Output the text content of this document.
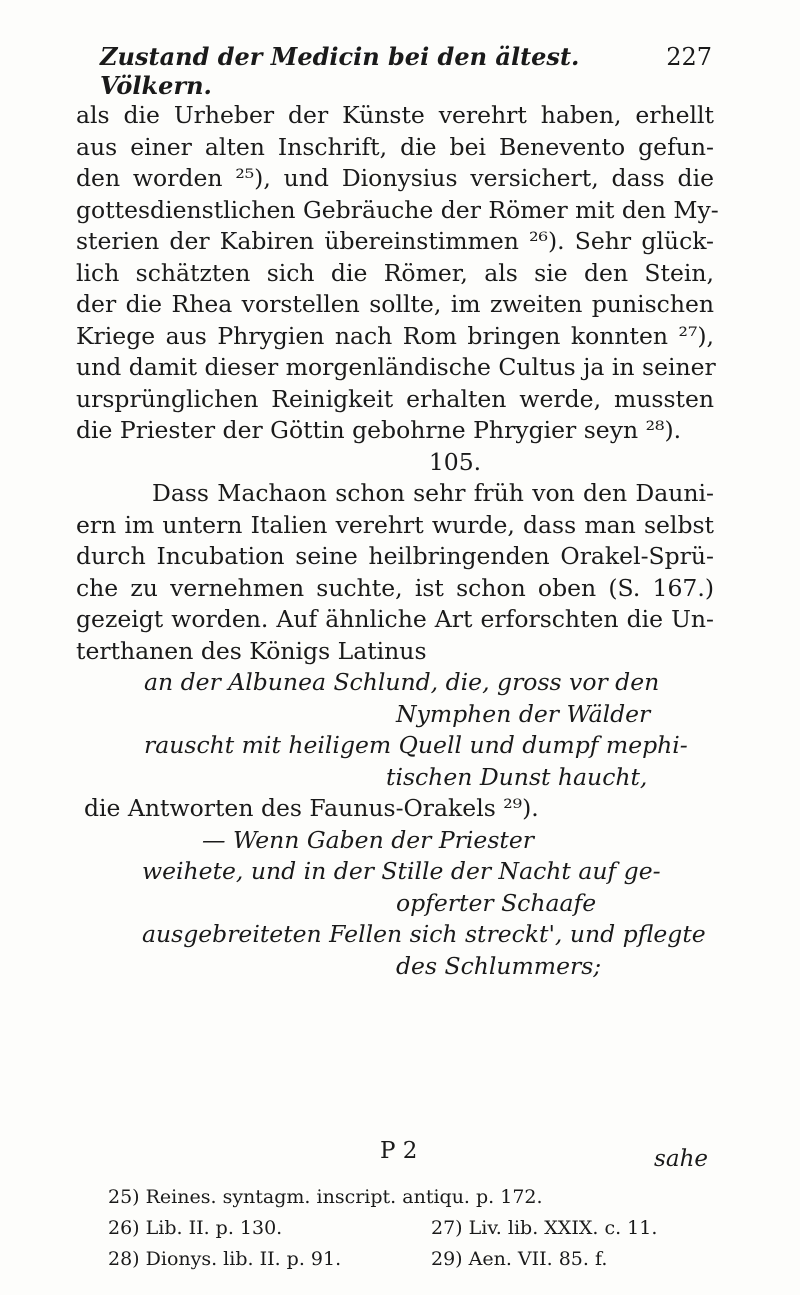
Zustand der Medicin bei den ältest. Völkern.
227
als die Urheber der Künste verehrt haben, erhellt
aus einer alten Inschrift, die bei Benevento gefun-
den worden ²⁵), und Dionysius versichert, dass die
gottesdienstlichen Gebräuche der Römer mit den My-
sterien der Kabiren übereinstimmen ²⁶). Sehr glück-
lich schätzten sich die Römer, als sie den Stein,
der die Rhea vorstellen sollte, im zweiten punischen
Kriege aus Phrygien nach Rom bringen konnten ²⁷),
und damit dieser morgenländische Cultus ja in seiner
ursprünglichen Reinigkeit erhalten werde, mussten
die Priester der Göttin gebohrne Phrygier seyn ²⁸).
105.
Dass Machaon schon sehr früh von den Dauni-
ern im untern Italien verehrt wurde, dass man selbst
durch Incubation seine heilbringenden Orakel-Sprü-
che zu vernehmen suchte, ist schon oben (S. 167.)
gezeigt worden. Auf ähnliche Art erforschten die Un-
terthanen des Königs Latinus
an der Albunea Schlund, die, gross vor den
Nymphen der Wälder
rauscht mit heiligem Quell und dumpf mephi-
tischen Dunst haucht,
die Antworten des Faunus-Orakels ²⁹).
— Wenn Gaben der Priester
weihete, und in der Stille der Nacht auf ge-
opferter Schaafe
ausgebreiteten Fellen sich streckt', und pflegte
des Schlummers;
P 2	sahe
25) Reines. syntagm. inscript. antiqu. p. 172.
26) Lib. II. p. 130.	27) Liv. lib. XXIX. c. 11.
28) Dionys. lib. II. p. 91.	29) Aen. VII. 85. f.
